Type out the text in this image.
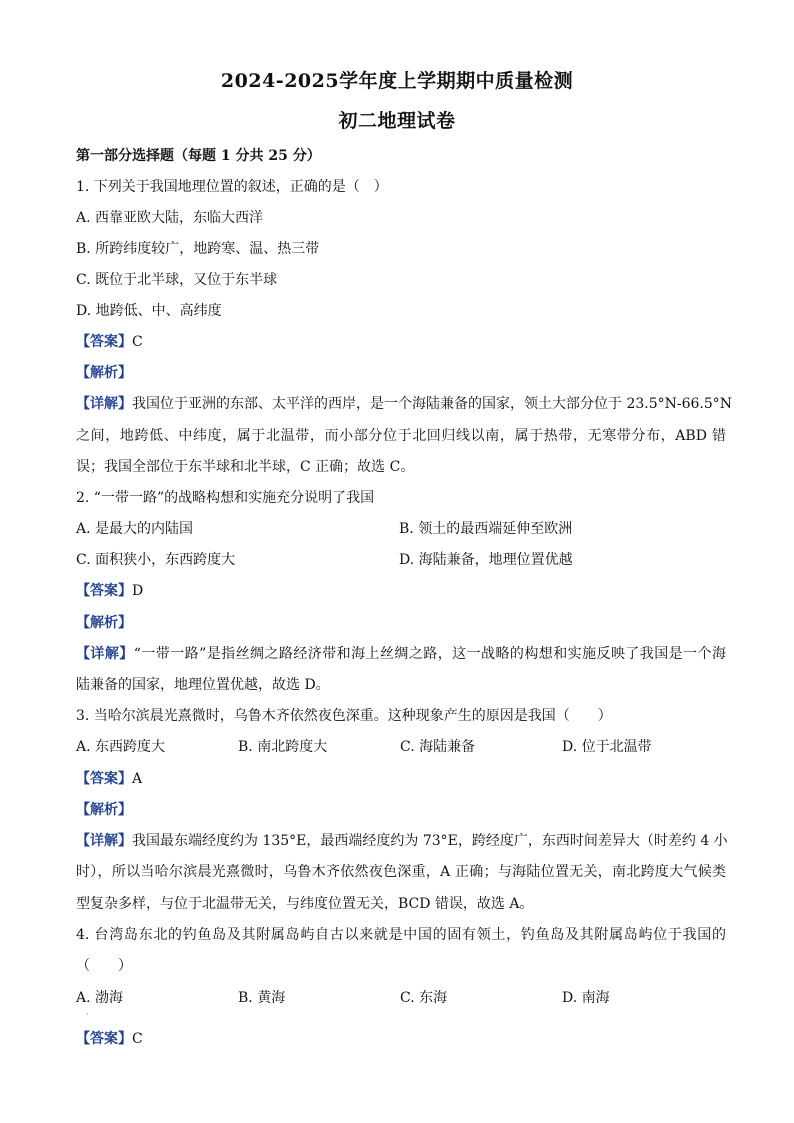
2024-2025学年度上学期期中质量检测
初二地理试卷
第一部分选择题（每题 1 分共 25 分）
1. 下列关于我国地理位置的叙述，正确的是（　）
A. 西靠亚欧大陆，东临大西洋
B. 所跨纬度较广，地跨寒、温、热三带
C. 既位于北半球，又位于东半球
D. 地跨低、中、高纬度
【答案】C
【解析】
【详解】我国位于亚洲的东部、太平洋的西岸，是一个海陆兼备的国家，领土大部分位于 23.5°N-66.5°N
之间，地跨低、中纬度，属于北温带，而小部分位于北回归线以南，属于热带，无寒带分布，ABD 错
误；我国全部位于东半球和北半球，C 正确；故选 C。
2. “一带一路”的战略构想和实施充分说明了我国
A. 是最大的内陆国	B. 领土的最西端延伸至欧洲
C. 面积狭小，东西跨度大	D. 海陆兼备，地理位置优越
【答案】D
【解析】
【详解】“一带一路”是指丝绸之路经济带和海上丝绸之路，这一战略的构想和实施反映了我国是一个海
陆兼备的国家，地理位置优越，故选 D。
3. 当哈尔滨晨光熹微时，乌鲁木齐依然夜色深重。这种现象产生的原因是我国（　　）
A. 东西跨度大	B. 南北跨度大	C. 海陆兼备	D. 位于北温带
【答案】A
【解析】
【详解】我国最东端经度约为 135°E，最西端经度约为 73°E，跨经度广，东西时间差异大（时差约 4 小
时），所以当哈尔滨晨光熹微时，乌鲁木齐依然夜色深重，A 正确；与海陆位置无关，南北跨度大气候类
型复杂多样，与位于北温带无关，与纬度位置无关，BCD 错误，故选 A。
4. 台湾岛东北的钓鱼岛及其附属岛屿自古以来就是中国的固有领土，钓鱼岛及其附属岛屿位于我国的
（　　）
A. 渤海	B. 黄海	C. 东海	D. 南海
·
【答案】C
